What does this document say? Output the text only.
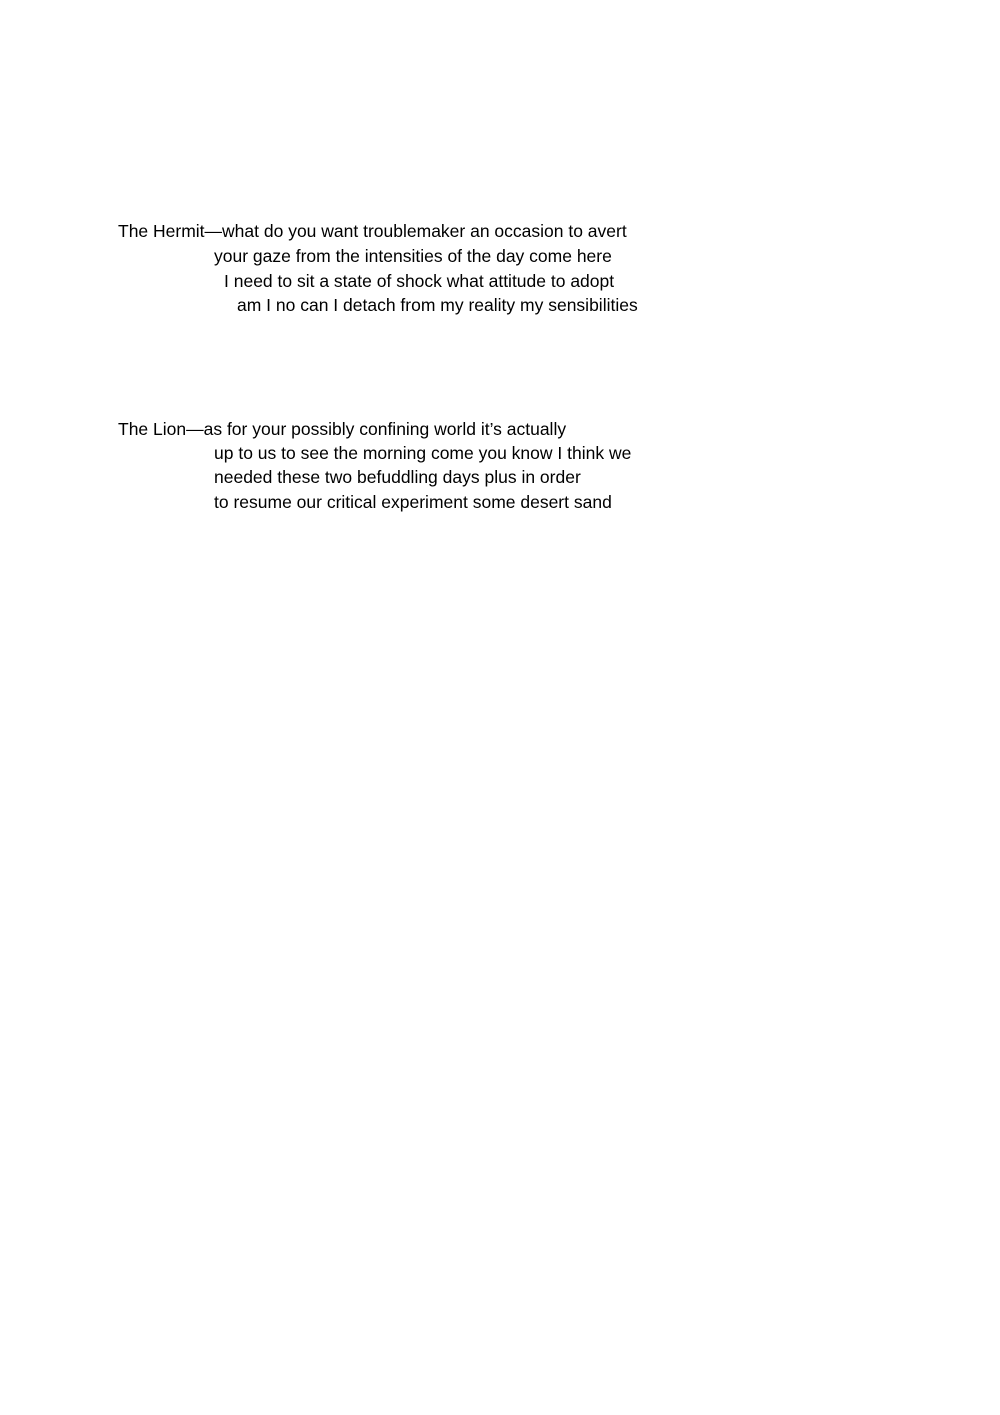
The Hermit—what do you want troublemaker an occasion to avert
your gaze from the intensities of the day come here
I need to sit a state of shock what attitude to adopt
am I no can I detach from my reality my sensibilities
The Lion—as for your possibly confining world it’s actually
up to us to see the morning come you know I think we
needed these two befuddling days plus in order
to resume our critical experiment some desert sand
